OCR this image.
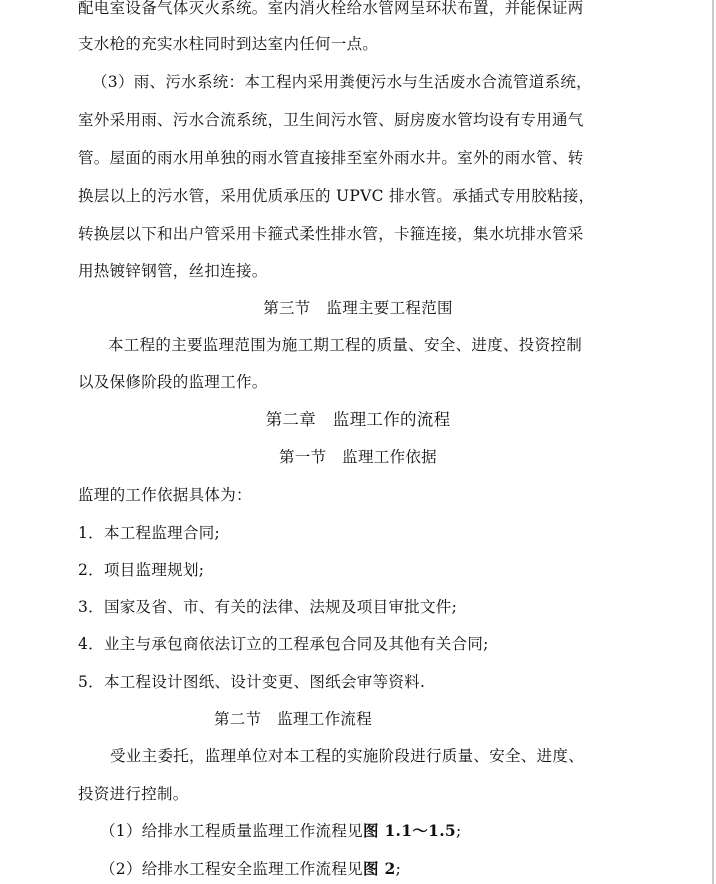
配电室设备气体灭火系统。室内消火栓给水管网呈环状布置，并能保证两
支水枪的充实水柱同时到达室内任何一点。
（3）雨、污水系统：本工程内采用粪便污水与生活废水合流管道系统，
室外采用雨、污水合流系统，卫生间污水管、厨房废水管均设有专用通气
管。屋面的雨水用单独的雨水管直接排至室外雨水井。室外的雨水管、转
换层以上的污水管，采用优质承压的 UPVC 排水管。承插式专用胶粘接，
转换层以下和出户管采用卡箍式柔性排水管，卡箍连接，集水坑排水管采
用热镀锌钢管，丝扣连接。
第三节　监理主要工程范围
本工程的主要监理范围为施工期工程的质量、安全、进度、投资控制
以及保修阶段的监理工作。
第二章　监理工作的流程
第一节　监理工作依据
监理的工作依据具体为：
1．本工程监理合同;
2．项目监理规划;
3．国家及省、市、有关的法律、法规及项目审批文件;
4．业主与承包商依法订立的工程承包合同及其他有关合同;
5．本工程设计图纸、设计变更、图纸会审等资料.
第二节　监理工作流程
受业主委托，监理单位对本工程的实施阶段进行质量、安全、进度、
投资进行控制。
（1）给排水工程质量监理工作流程见图 1.1～1.5;
（2）给排水工程安全监理工作流程见图 2;
